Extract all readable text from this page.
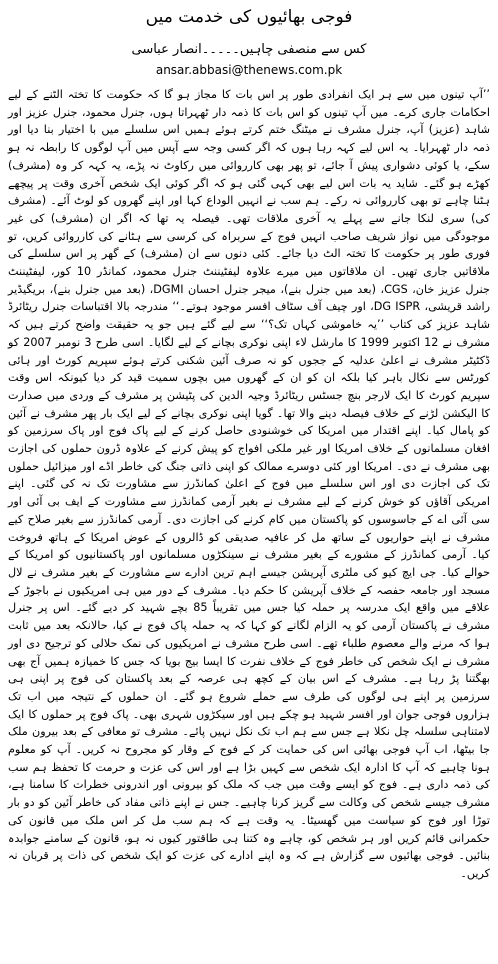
فوجی بھائیوں کی خدمت میں
کس سے منصفی چاہیں۔۔۔۔۔انصار عباسی
ansar.abbasi@thenews.com.pk

’’آپ تینوں میں سے ہر ایک انفرادی طور پر اس بات کا مجاز ہو گا کہ حکومت کا تختہ الٹنے کے لیے احکامات جاری کرے۔ میں آپ تینوں کو اس بات کا ذمہ دار ٹھہراتا ہوں، جنرل محمود، جنرل عزیز اور شاہد (عزیز) آپ، جنرل مشرف نے میٹنگ ختم کرتے ہوئے ہمیں اس سلسلے میں با اختیار بنا دیا اور ذمہ دار ٹھہرایا۔ یہ اس لیے کہہ رہا ہوں کہ اگر کسی وجہ سے آپس میں آپ لوگوں کا رابطہ نہ ہو سکے، یا کوئی دشواری پیش آ جائے، تو پھر بھی کارروائی میں رکاوٹ نہ پڑے، یہ کہہ کر وہ (مشرف) کھڑے ہو گئے۔ شاید یہ بات اس لیے بھی کہی گئی ہو کہ اگر کوئی ایک شخص آخری وقت پر پیچھے ہٹنا چاہے تو بھی کارروائی نہ رکے۔ ہم سب نے انہیں الوداع کہا اور اپنے گھروں کو لوٹ آئے۔ (مشرف کی) سری لنکا جانے سے پہلے یہ آخری ملاقات تھی۔ فیصلہ یہ تھا کہ اگر ان (مشرف) کی غیر موجودگی میں نواز شریف صاحب انہیں فوج کے سربراہ کی کرسی سے ہٹانے کی کارروائی کریں، تو فوری طور پر حکومت کا تختہ الٹ دیا جائے۔ کئی دنوں سے ان (مشرف) کے گھر پر اس سلسلے کی ملاقاتیں جاری تھیں۔ ان ملاقاتوں میں میرے علاوہ لیفٹیننٹ جنرل محمود، کمانڈر 10 کور، لیفٹیننٹ جنرل عزیز خان، CGS، (بعد میں جنرل بنے)، میجر جنرل احسان DGMI، (بعد میں جنرل بنے)، بریگیڈیر راشد قریشی، DG ISPR، اور چیف آف سٹاف افسر موجود ہوتے۔‘‘ مندرجہ بالا اقتباسات جنرل ریٹائرڈ شاہد عزیز کی کتاب ’’یہ خاموشی کہاں تک؟‘‘ سے لیے گئے ہیں جو یہ حقیقت واضح کرتے ہیں کہ مشرف نے 12 اکتوبر 1999 کا مارشل لاء اپنی نوکری بچانے کے لیے لگایا۔ اسی طرح 3 نومبر 2007 کو ڈکٹیٹر مشرف نے اعلیٰ عدلیہ کے ججوں کو نہ صرف آئین شکنی کرتے ہوئے سپریم کورٹ اور ہائی کورٹس سے نکال باہر کیا بلکہ ان کو ان کے گھروں میں بچوں سمیت قید کر دیا کیونکہ اس وقت سپریم کورٹ کا ایک لارجر بنچ جسٹس ریٹائرڈ وجیہ الدین کی پٹیشن پر مشرف کے وردی میں صدارت کا الیکشن لڑنے کے خلاف فیصلہ دینے والا تھا۔ گویا اپنی نوکری بچانے کے لیے ایک بار پھر مشرف نے آئین کو پامال کیا۔ اپنے اقتدار میں امریکا کی خوشنودی حاصل کرنے کے لیے پاک فوج اور پاک سرزمین کو افغان مسلمانوں کے خلاف امریکا اور غیر ملکی افواج کو پیش کرنے کے علاوہ ڈرون حملوں کی اجازت بھی مشرف نے دی۔ امریکا اور کئی دوسرے ممالک کو اپنی ذاتی جنگ کی خاطر اڈے اور میزائیل حملوں تک کی اجازت دی اور اس سلسلے میں فوج کے اعلیٰ کمانڈرز سے مشاورت تک نہ کی گئی۔ اپنے امریکی آقاؤں کو خوش کرنے کے لیے مشرف نے بغیر آرمی کمانڈرز سے مشاورت کے ایف بی آئی اور سی آئی اے کے جاسوسوں کو پاکستان میں کام کرنے کی اجازت دی۔ آرمی کمانڈرز سے بغیر صلاح کیے مشرف نے اپنے حواریوں کے ساتھ مل کر عافیہ صدیقی کو ڈالروں کے عوض امریکا کے ہاتھ فروخت کیا۔ آرمی کمانڈرز کے مشورے کے بغیر مشرف نے سینکڑوں مسلمانوں اور پاکستانیوں کو امریکا کے حوالے کیا۔ جی ایچ کیو کی ملٹری آپریشن جیسے اہم ترین ادارے سے مشاورت کے بغیر مشرف نے لال مسجد اور جامعہ حفصہ کے خلاف آپریشن کا حکم دیا۔ مشرف کے دور میں ہی امریکیوں نے باجوڑ کے علاقے میں واقع ایک مدرسہ پر حملہ کیا جس میں تقریباً 85 بچے شہید کر دیے گئے۔ اس پر جنرل مشرف نے پاکستان آرمی کو یہ الزام لگانے کو کہا کہ یہ حملہ پاک فوج نے کیا، حالانکہ بعد میں ثابت ہوا کہ مرنے والے معصوم طلباء تھے۔ اسی طرح مشرف نے امریکیوں کی نمک حلالی کو ترجیح دی اور مشرف نے ایک شخص کی خاطر فوج کے خلاف نفرت کا ایسا بیج بویا کہ جس کا خمیازہ ہمیں آج بھی بھگتنا پڑ رہا ہے۔ مشرف کے اس بیان کے کچھ ہی عرصہ کے بعد پاکستان کی فوج پر اپنی ہی سرزمین پر اپنے ہی لوگوں کی طرف سے حملے شروع ہو گئے۔ ان حملوں کے نتیجہ میں اب تک ہزاروں فوجی جوان اور افسر شہید ہو چکے ہیں اور سیکڑوں شہری بھی۔ پاک فوج پر حملوں کا ایک لامتناہی سلسلہ چل نکلا ہے جس سے ہم اب تک نکل نہیں پائے۔ مشرف تو معافی کے بعد بیرون ملک جا بیٹھا، اب آپ فوجی بھائی اس کی حمایت کر کے فوج کے وقار کو مجروح نہ کریں۔ آپ کو معلوم ہونا چاہیے کہ آپ کا ادارہ ایک شخص سے کہیں بڑا ہے اور اس کی عزت و حرمت کا تحفظ ہم سب کی ذمہ داری ہے۔ فوج کو ایسے وقت میں جب کہ ملک کو بیرونی اور اندرونی خطرات کا سامنا ہے، مشرف جیسے شخص کی وکالت سے گریز کرنا چاہیے۔ جس نے اپنے ذاتی مفاد کی خاطر آئین کو دو بار توڑا اور فوج کو سیاست میں گھسیٹا۔ یہ وقت ہے کہ ہم سب مل کر اس ملک میں قانون کی حکمرانی قائم کریں اور ہر شخص کو، چاہے وہ کتنا ہی طاقتور کیوں نہ ہو، قانون کے سامنے جوابدہ بنائیں۔ فوجی بھائیوں سے گزارش ہے کہ وہ اپنے ادارے کی عزت کو ایک شخص کی ذات پر قربان نہ کریں۔
